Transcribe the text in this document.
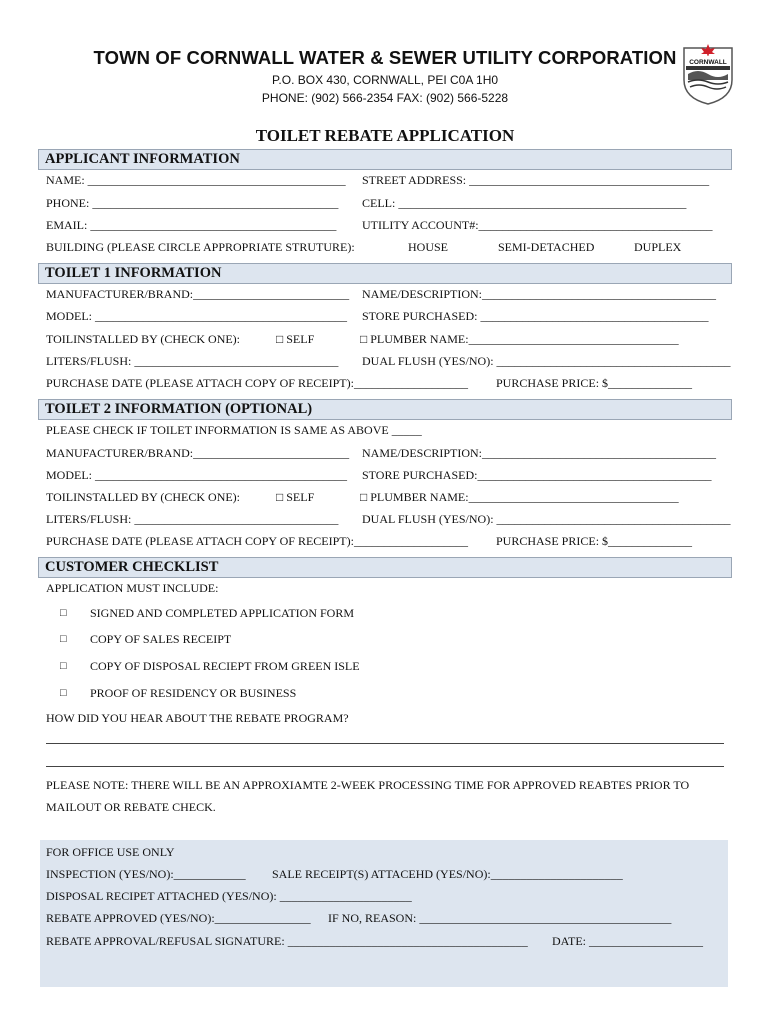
TOWN OF CORNWALL WATER & SEWER UTILITY CORPORATION
P.O. BOX 430, CORNWALL, PEI C0A 1H0
PHONE: (902) 566-2354 FAX: (902) 566-5228
CORNWALL
TOILET REBATE APPLICATION
APPLICANT INFORMATION
NAME: ___________________________________________ STREET ADDRESS: ________________________________________
PHONE: _________________________________________ CELL: ________________________________________________
EMAIL: _________________________________________ UTILITY ACCOUNT#:_______________________________________
BUILDING (PLEASE CIRCLE APPROPRIATE STRUTURE):	HOUSE	SEMI-DETACHED	DUPLEX
TOILET 1 INFORMATION
MANUFACTURER/BRAND:__________________________ NAME/DESCRIPTION:_______________________________________
MODEL: __________________________________________ STORE PURCHASED: ______________________________________
TOILINSTALLED BY (CHECK ONE):	□ SELF	□ PLUMBER NAME:___________________________________
LITERS/FLUSH: __________________________________ DUAL FLUSH (YES/NO): _______________________________________
PURCHASE DATE (PLEASE ATTACH COPY OF RECEIPT):___________________ PURCHASE PRICE: $______________
TOILET 2 INFORMATION (OPTIONAL)
PLEASE CHECK IF TOILET INFORMATION IS SAME AS ABOVE _____
MANUFACTURER/BRAND:__________________________ NAME/DESCRIPTION:_______________________________________
MODEL: __________________________________________ STORE PURCHASED:_______________________________________
TOILINSTALLED BY (CHECK ONE):	□ SELF	□ PLUMBER NAME:___________________________________
LITERS/FLUSH: __________________________________ DUAL FLUSH (YES/NO): _______________________________________
PURCHASE DATE (PLEASE ATTACH COPY OF RECEIPT):___________________ PURCHASE PRICE: $______________
CUSTOMER CHECKLIST
APPLICATION MUST INCLUDE:
□ SIGNED AND COMPLETED APPLICATION FORM
□ COPY OF SALES RECEIPT
□ COPY OF DISPOSAL RECIEPT FROM GREEN ISLE
□ PROOF OF RESIDENCY OR BUSINESS
HOW DID YOU HEAR ABOUT THE REBATE PROGRAM?
PLEASE NOTE: THERE WILL BE AN APPROXIAMTE 2-WEEK PROCESSING TIME FOR APPROVED REABTES PRIOR TO
MAILOUT OR REBATE CHECK.
FOR OFFICE USE ONLY
INSPECTION (YES/NO):____________ SALE RECEIPT(S) ATTACEHD (YES/NO):______________________
DISPOSAL RECIPET ATTACHED (YES/NO): ______________________
REBATE APPROVED (YES/NO):________________ IF NO, REASON: __________________________________________
REBATE APPROVAL/REFUSAL SIGNATURE: ________________________________________ DATE: ___________________
